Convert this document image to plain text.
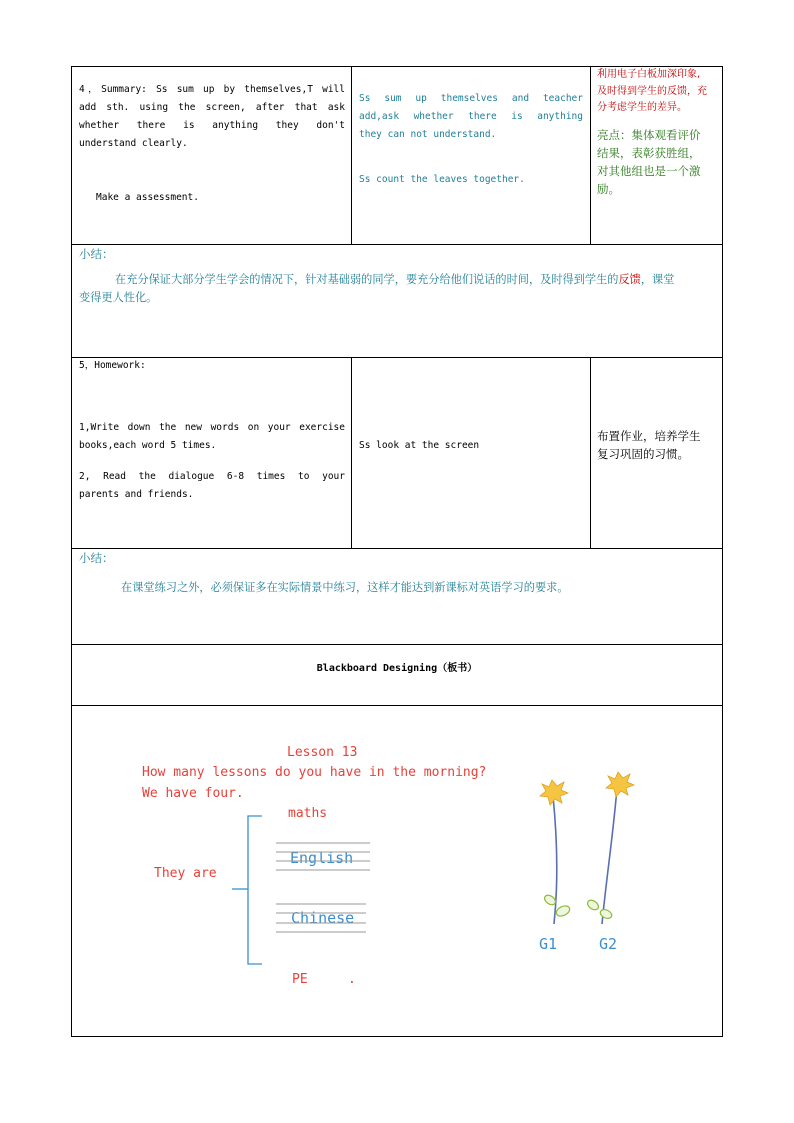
4，Summary: Ss sum up by themselves,T will
add sth. using the screen, after that ask
whether there is anything they don't
understand clearly.
Make a assessment.
Ss sum up themselves and teacher
add,ask whether there is anything
they can not understand.
Ss count the leaves together.
利用电子白板加深印象,
及时得到学生的反馈，充
分考虑学生的差异。
亮点：集体观看评价
结果，表彰获胜组，
对其他组也是一个激
励。
小结：
在充分保证大部分学生学会的情况下，针对基础弱的同学，要充分给他们说话的时间，及时得到学生的反馈，课堂
变得更人性化。
5，Homework:
1,Write down the new words on your exercise
books,each word 5 times.
2, Read the dialogue 6-8 times to your
parents and friends.
Ss look at the screen
布置作业，培养学生
复习巩固的习惯。
小结：
在课堂练习之外，必须保证多在实际情景中练习，这样才能达到新课标对英语学习的要求。
Blackboard Designing（板书）
Lesson 13
How many lessons do you have in the morning?
We have four.
maths
They are
English
Chinese
PE	.
G1	G2
